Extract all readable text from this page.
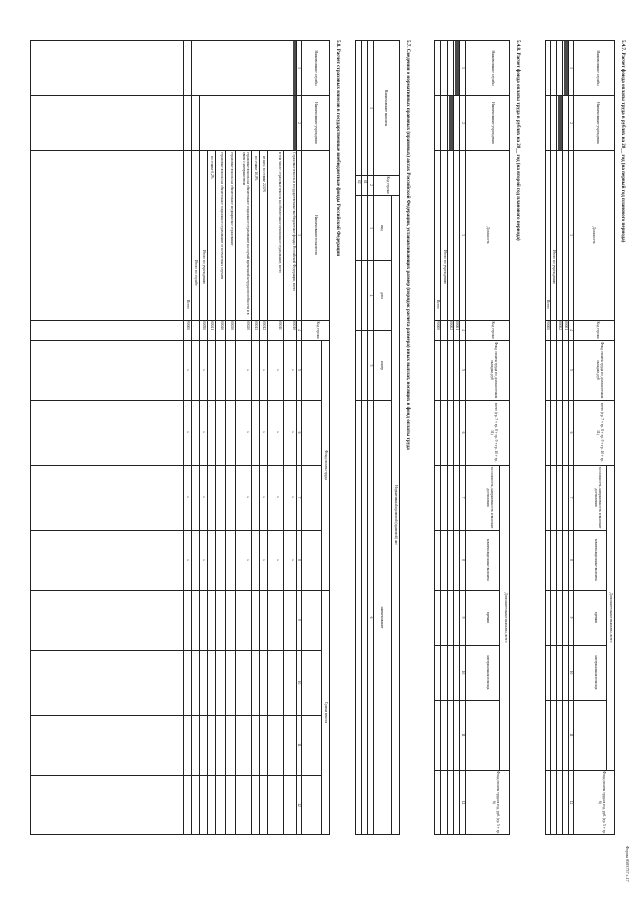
Форма 0503737 с.17
5.4.7. Расчет фонда оплаты труда в рублях на 20__ год (на первый год планового периода)
Наименование службы
Наименование учреждения
Должность
Код строки
Фонд оплаты труда по должностным окладам, руб
всего (гр. 7 + гр. 8 + гр. 9 + гр. 10 + гр. 11)
Дополнительные выплаты, всего
за сложность, напряженность и высокие достижения
компенсационные выплаты
премии
материальная помощь
Фонд оплаты труда в год, руб. (гр. 5 + гр. 6)
1
2
3
4
5
6
7
8
9
10
11
12
00001
00002
Итого по учреждению
Всего
90000
5.4.8. Расчет фонда оплаты труда в рублях на 20__ год (на второй год планового периода)
Наименование службы
Наименование учреждения
Должность
Код строки
Фонд оплаты труда по должностным окладам, руб
всего (гр. 7 + гр. 8 + гр. 9 + гр. 10 + гр. 11)
Дополнительные выплаты, всего
за сложность, напряженность и высокие достижения
компенсационные выплаты
премии
материальная помощь
Фонд оплаты труда в год, руб. (гр. 5 + гр. 6)
1
2
3
4
5
6
7
8
9
10
11
12
00001
00002
Итого по учреждению
Всего
90000
5.7. Сведения о нормативных правовых (правовых) актах Российской Федерации, устанавливающих размер (порядок расчета размера) иных выплат, носящих в фонд оплаты труда
Наименование выплаты
Код строки
Нормативный правовой (правовой) акт
вид
дата
номер
наименование
1
2
3
4
5
6
01
02
5.8. Расчет страховых взносов в государственные внебюджетные фонды Российской Федерации
Наименование службы
Наименование учреждения
Наименование показателя
Код строки
Фонд оплаты труда
Сумма взноса
1
2
3
4
5
6
7
8
9
10
11
12
Страховые взносы в государственные внебюджетные фонды Российской Федерации, всего
00010
в том числе: страховые взносы на обязательное пенсионное страхование, всего
00011
из них: по ставке 22,0%
00012
по ставке 10,0%
00013
страховые взносы на обязательное социальное страхование на случай временной нетрудоспособности и в связи с материнством
00020
страховые взносы на обязательное медицинское страхование
00030
страховые взносы на обязательное социальное страхование от несчастных случаев
00040
по ставке 0,2%
00041
Итого по учреждению
00050
Итого по службе
Всего
90000
x
x
x
x
x
x
x
x
x
x
x
x
x
x
x
x
x
x
x
x
x
x
x
x
